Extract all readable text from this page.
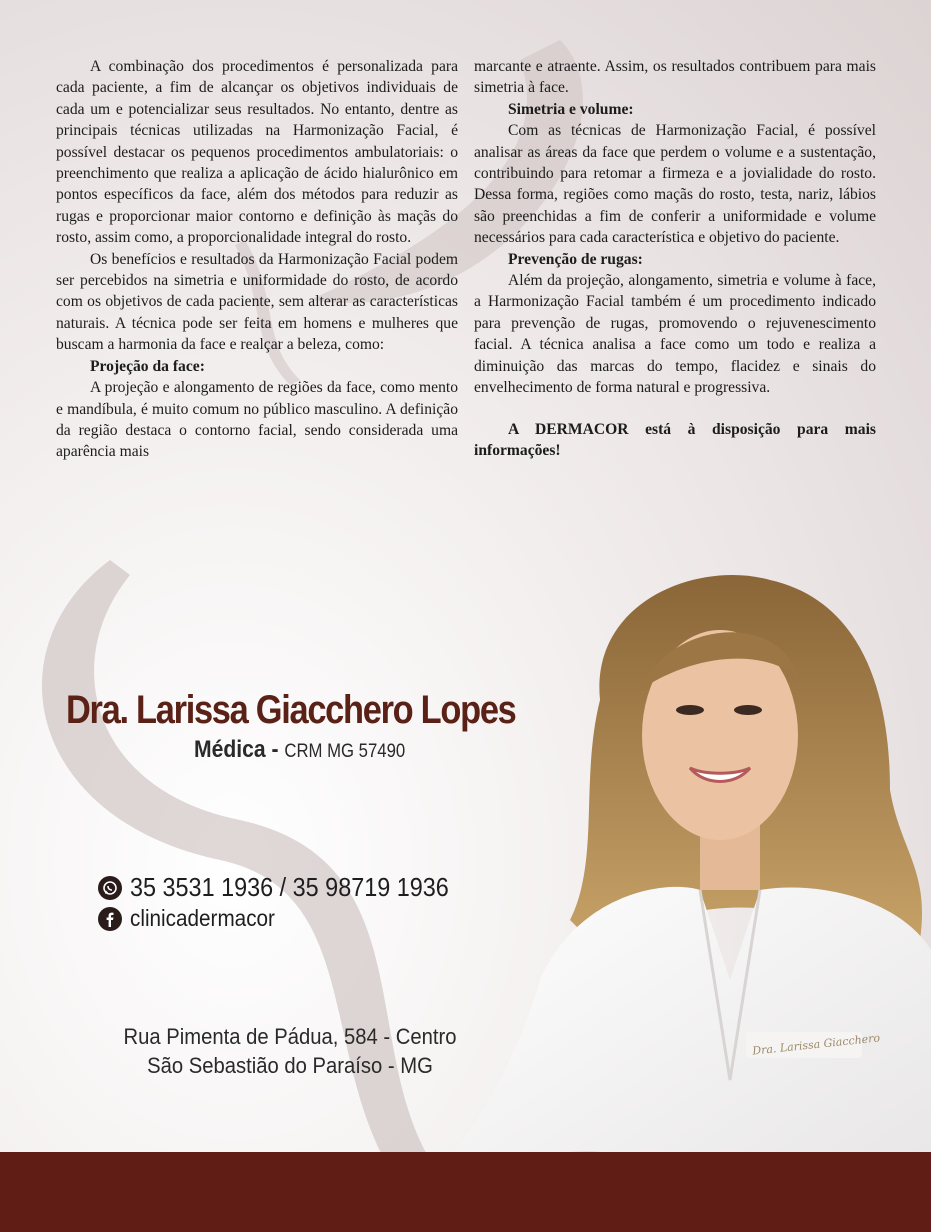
A combinação dos procedimentos é personalizada para cada paciente, a fim de alcançar os objetivos individuais de cada um e potencializar seus resultados. No entanto, dentre as principais técnicas utilizadas na Harmonização Facial, é possível destacar os pequenos procedimentos ambulatoriais: o preenchimento que realiza a aplicação de ácido hialurônico em pontos específicos da face, além dos métodos para reduzir as rugas e proporcionar maior contorno e definição às maçãs do rosto, assim como, a proporcionalidade integral do rosto.

Os benefícios e resultados da Harmonização Facial podem ser percebidos na simetria e uniformidade do rosto, de acordo com os objetivos de cada paciente, sem alterar as características naturais. A técnica pode ser feita em homens e mulheres que buscam a harmonia da face e realçar a beleza, como:

Projeção da face:

A projeção e alongamento de regiões da face, como mento e mandíbula, é muito comum no público masculino. A definição da região destaca o contorno facial, sendo considerada uma aparência mais

marcante e atraente. Assim, os resultados contribuem para mais simetria à face.

Simetria e volume:

Com as técnicas de Harmonização Facial, é possível analisar as áreas da face que perdem o volume e a sustentação, contribuindo para retomar a firmeza e a jovialidade do rosto. Dessa forma, regiões como maçãs do rosto, testa, nariz, lábios são preenchidas a fim de conferir a uniformidade e volume necessários para cada característica e objetivo do paciente.

Prevenção de rugas:

Além da projeção, alongamento, simetria e volume à face, a Harmonização Facial também é um procedimento indicado para prevenção de rugas, promovendo o rejuvenescimento facial. A técnica analisa a face como um todo e realiza a diminuição das marcas do tempo, flacidez e sinais do envelhecimento de forma natural e progressiva.

A DERMACOR está à disposição para mais informações!

Dra. Larissa Giacchero
Dra. Larissa Giacchero Lopes
Médica - CRM MG 57490
35 3531 1936 / 35 98719 1936
clinicadermacor
Rua Pimenta de Pádua, 584 - Centro
São Sebastião do Paraíso - MG
